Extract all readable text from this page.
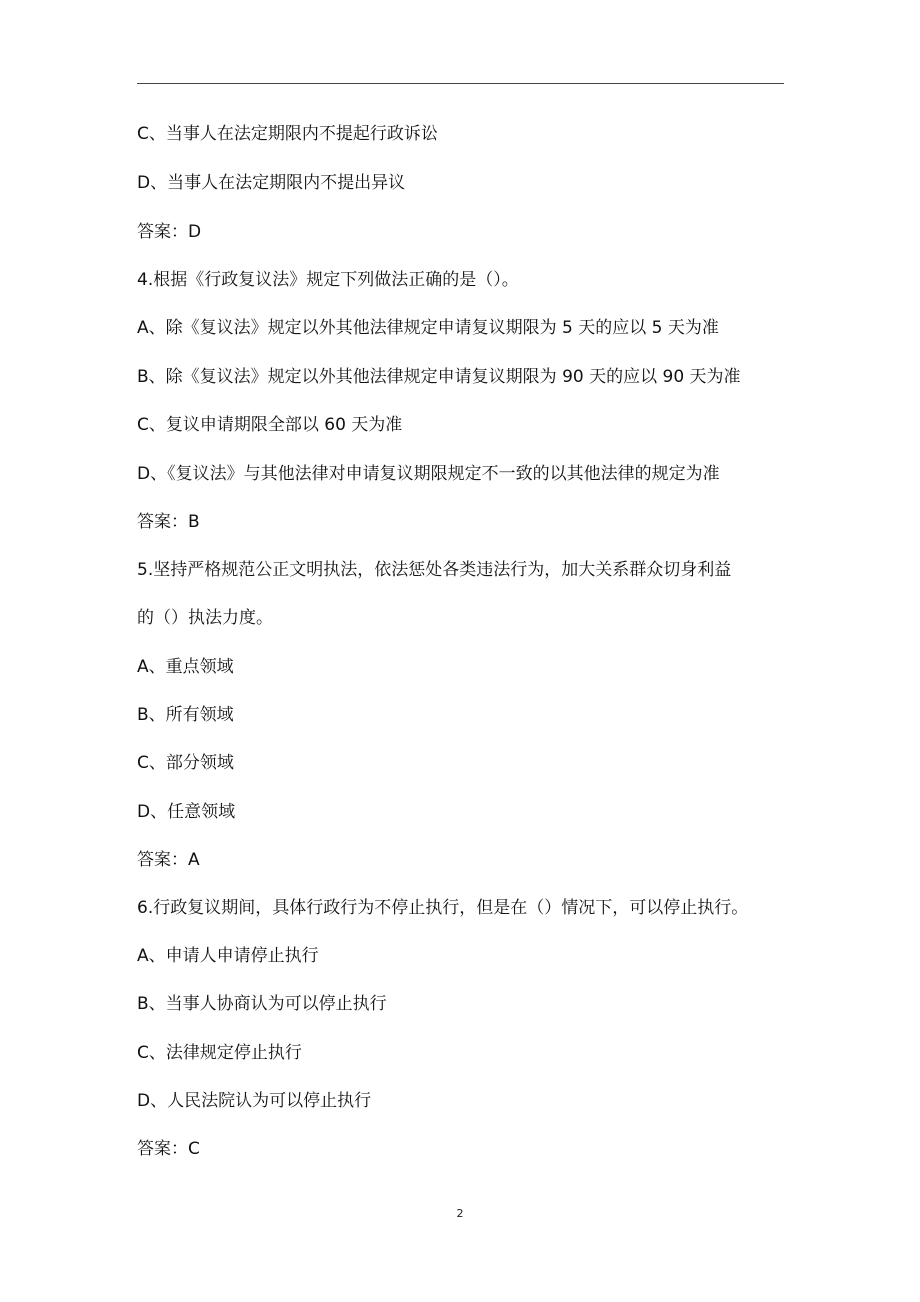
C、当事人在法定期限内不提起行政诉讼
D、当事人在法定期限内不提出异议
答案：D
4.根据《行政复议法》规定下列做法正确的是（）。
A、除《复议法》规定以外其他法律规定申请复议期限为 5 天的应以 5 天为准
B、除《复议法》规定以外其他法律规定申请复议期限为 90 天的应以 90 天为准
C、复议申请期限全部以 60 天为准
D、《复议法》与其他法律对申请复议期限规定不一致的以其他法律的规定为准
答案：B
5.坚持严格规范公正文明执法，依法惩处各类违法行为，加大关系群众切身利益
的（）执法力度。
A、重点领域
B、所有领域
C、部分领域
D、任意领域
答案：A
6.行政复议期间，具体行政行为不停止执行，但是在（）情况下，可以停止执行。
A、申请人申请停止执行
B、当事人协商认为可以停止执行
C、法律规定停止执行
D、人民法院认为可以停止执行
答案：C
2
